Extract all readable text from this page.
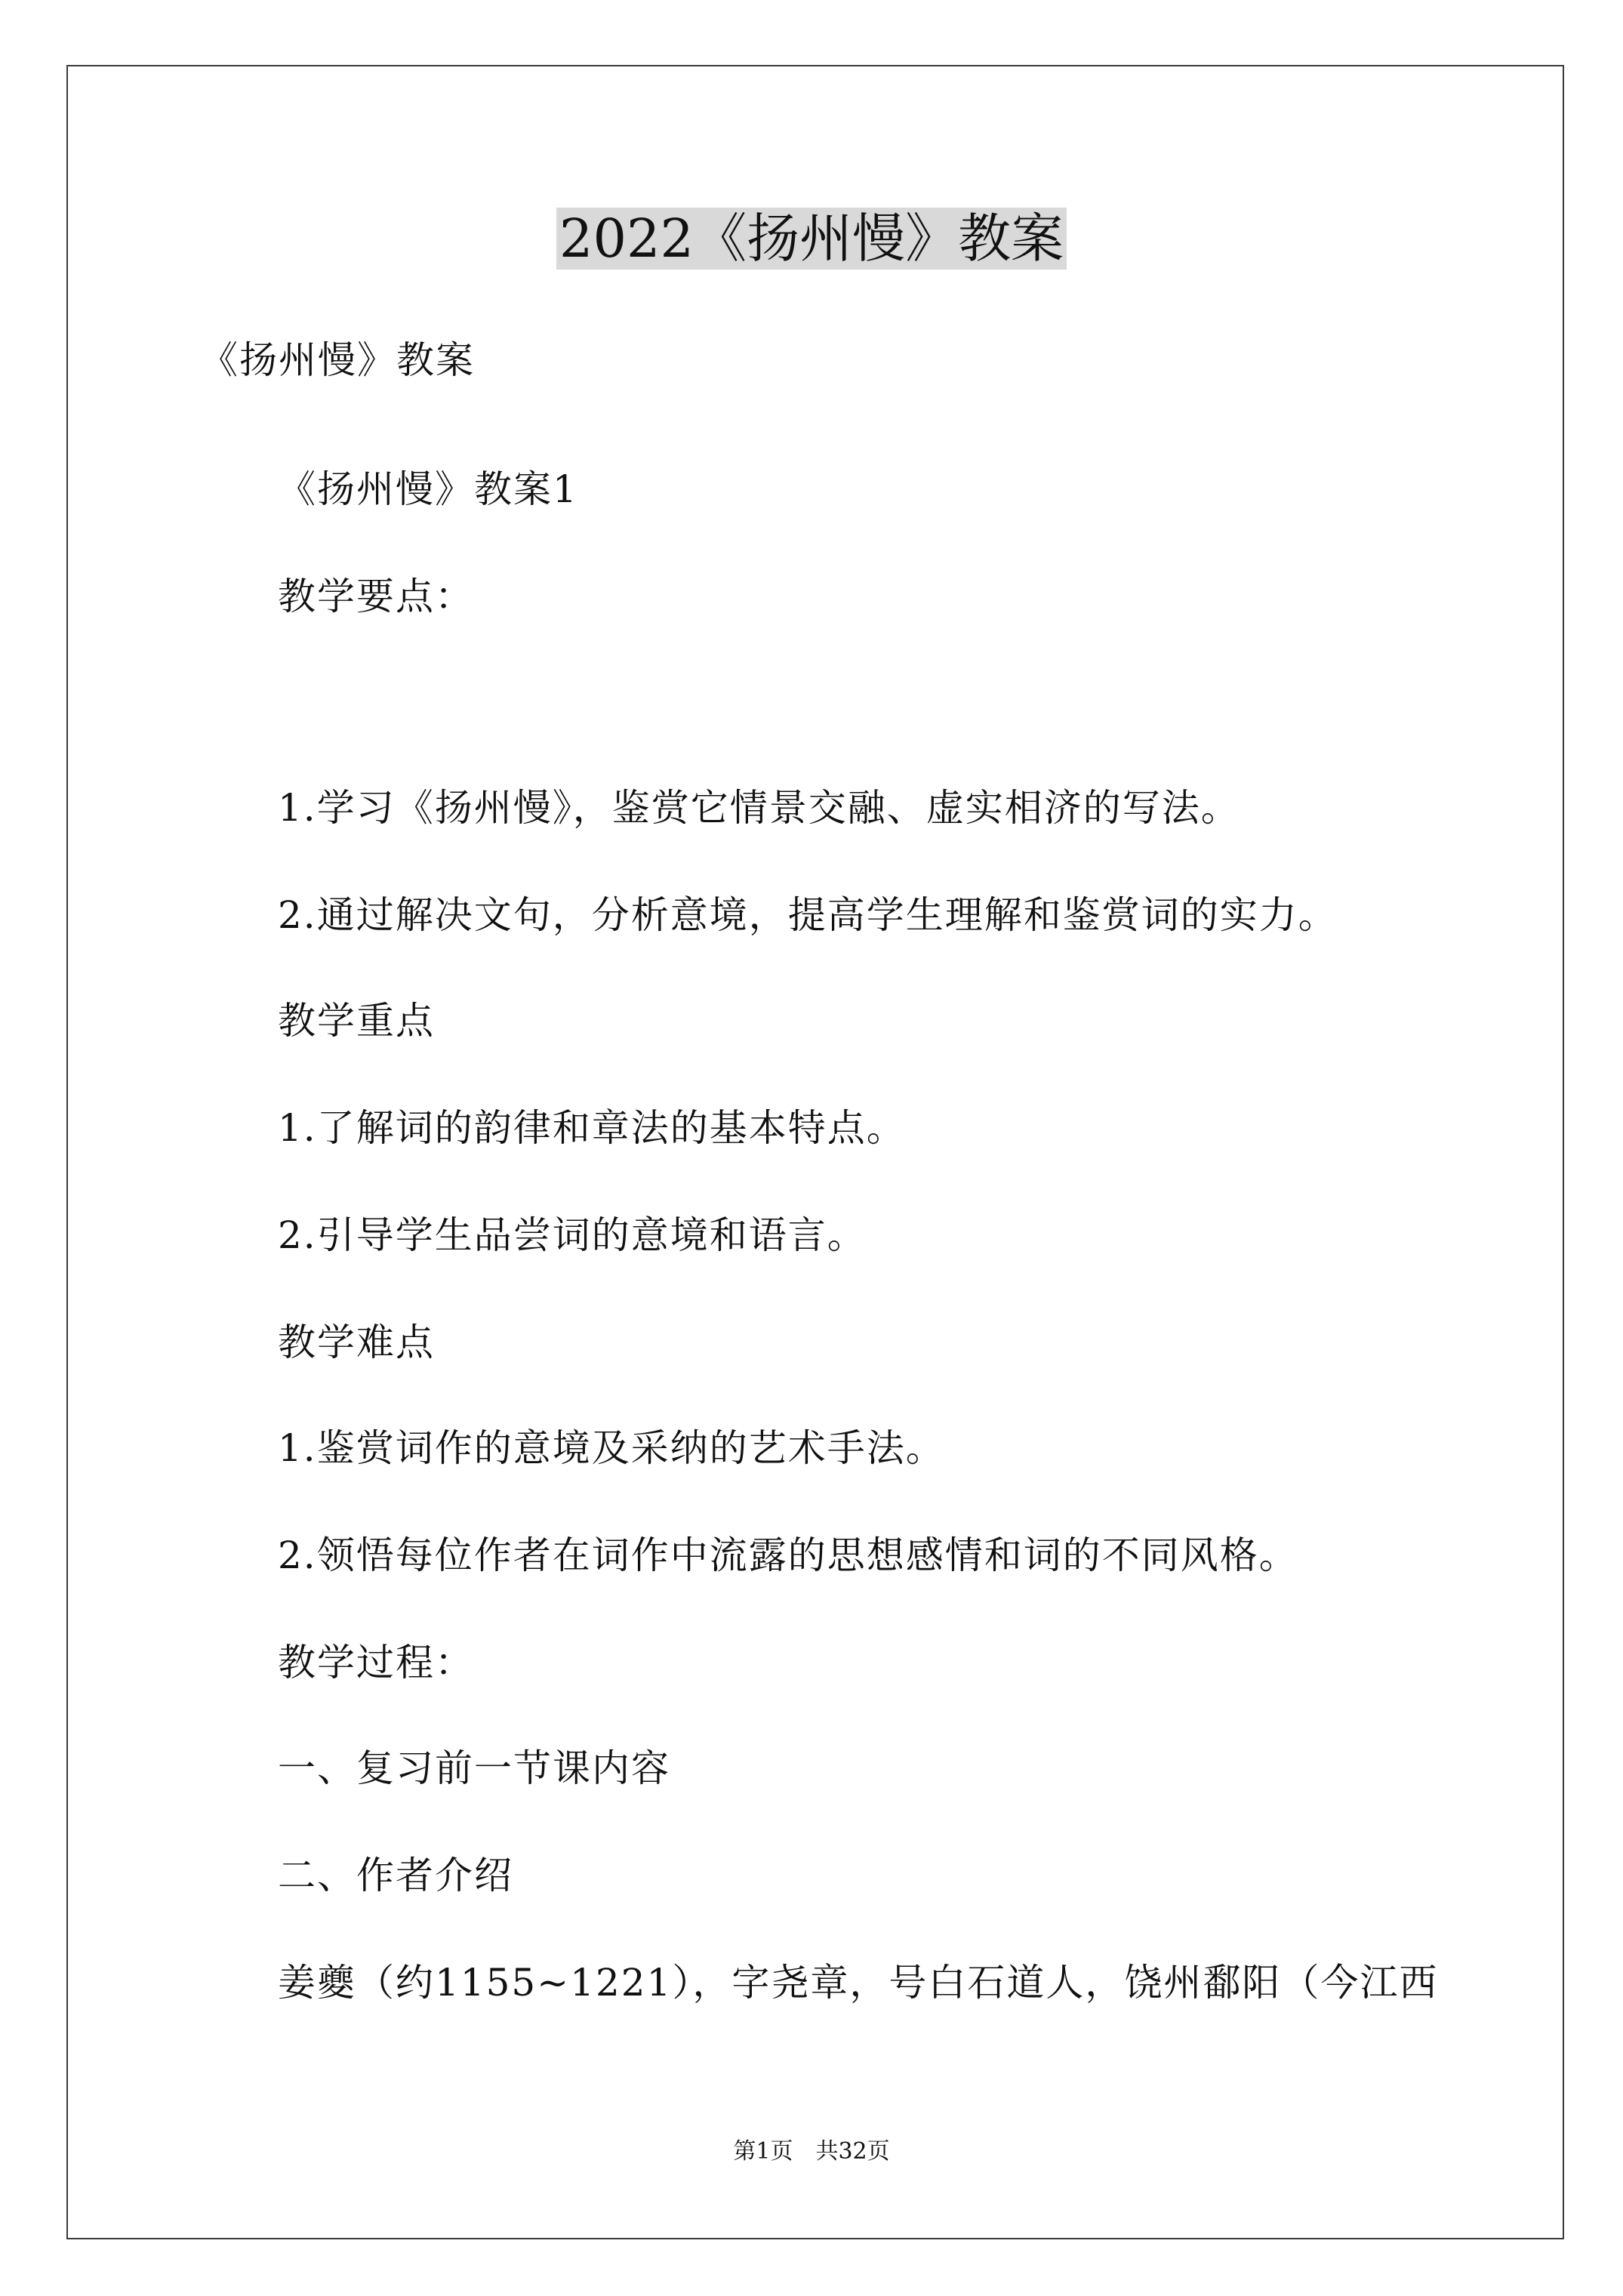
2022《扬州慢》教案
《扬州慢》教案
《扬州慢》教案1
教学要点：
1.学习《扬州慢》，鉴赏它情景交融、虚实相济的写法。
2.通过解决文句，分析意境，提高学生理解和鉴赏词的实力。
教学重点
1.了解词的韵律和章法的基本特点。
2.引导学生品尝词的意境和语言。
教学难点
1.鉴赏词作的意境及采纳的艺术手法。
2.领悟每位作者在词作中流露的思想感情和词的不同风格。
教学过程：
一、复习前一节课内容
二、作者介绍
姜夔（约1155~1221），字尧章，号白石道人，饶州鄱阳（今江西
第1页　共32页
